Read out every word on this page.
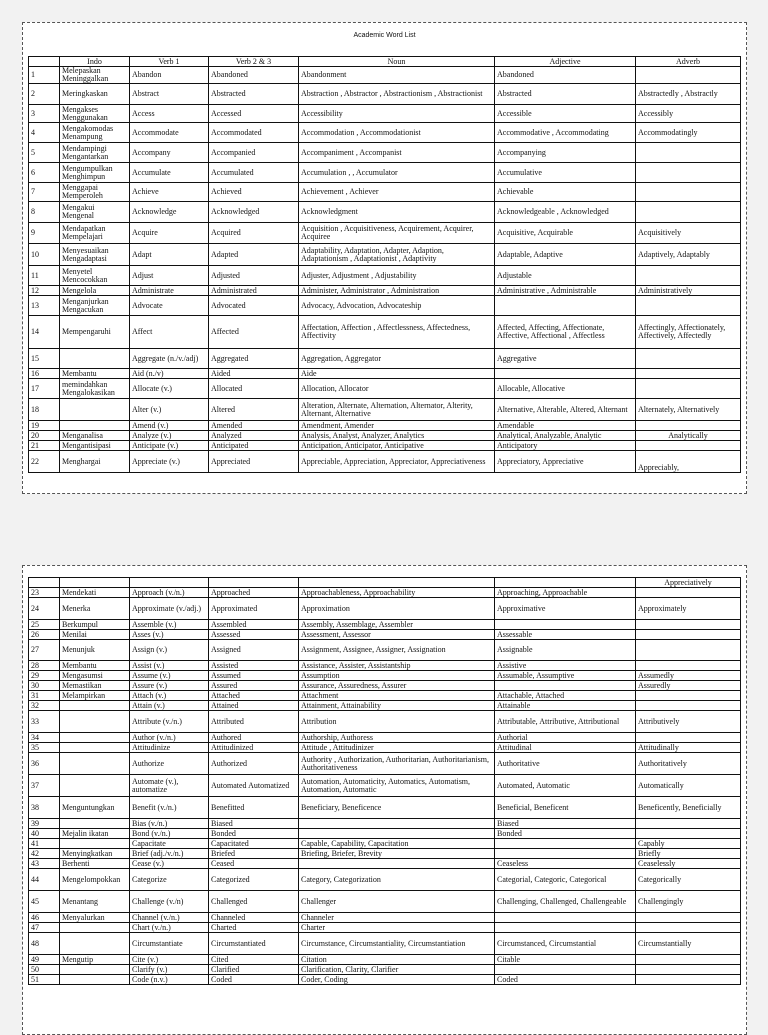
Academic Word List
	Indo	Verb 1	Verb 2 & 3	Noun	Adjective	Adverb
1	Melepaskan Meninggalkan	Abandon	Abandoned	Abandonment	Abandoned	
2	Meringkaskan	Abstract	Abstracted	Abstraction , Abstractor , Abstractionism , Abstractionist	Abstracted	Abstractedly , Abstractly
3	Mengakses Menggunakan	Access	Accessed	Accessibility	Accessible	Accessibly
4	Mengakomodas Menampung	Accommodate	Accommodated	Accommodation , Accommodationist	Accommodative , Accommodating	Accommodatingly
5	Mendampingi Mengantarkan	Accompany	Accompanied	Accompaniment , Accompanist	Accompanying	
6	Mengumpulkan Menghimpun	Accumulate	Accumulated	Accumulation , , Accumulator	Accumulative	
7	Menggapai Memperoleh	Achieve	Achieved	Achievement , Achiever	Achievable	
8	Mengakui Mengenal	Acknowledge	Acknowledged	Acknowledgment	Acknowledgeable , Acknowledged	
9	Mendapatkan Mempelajari	Acquire	Acquired	Acquisition , Acquisitiveness, Acquirement, Acquirer, Acquiree	Acquisitive, Acquirable	Acquisitively
10	Menyesuaikan Mengadaptasi	Adapt	Adapted	Adaptability, Adaptation, Adapter, Adaption, Adaptationism , Adaptationist , Adaptivity	Adaptable, Adaptive	Adaptively, Adaptably
11	Menyetel Mencocokkan	Adjust	Adjusted	Adjuster, Adjustment , Adjustability	Adjustable	
12	Mengelola	Administrate	Administrated	Administer, Administrator , Administration	Administrative , Administrable	Administratively
13	Menganjurkan Mengacukan	Advocate	Advocated	Advocacy, Advocation, Advocateship		
14	Mempengaruhi	Affect	Affected	Affectation, Affection , Affectlessness, Affectedness, Affectivity	Affected, Affecting, Affectionate, Affective, Affectional , Affectless	Affectingly, Affectionately, Affectively, Affectedly
15		Aggregate (n./v./adj)	Aggregated	Aggregation, Aggregator	Aggregative	
16	Membantu	Aid (n./v)	Aided	Aide		
17	memindahkan Mengalokasikan	Allocate (v.)	Allocated	Allocation, Allocator	Allocable, Allocative	
18		Alter (v.)	Altered	Alteration, Alternate, Alternation, Alternator, Alterity, Alternant, Alternative	Alternative, Alterable, Altered, Alternant	Alternately, Alternatively
19		Amend (v.)	Amended	Amendment, Amender	Amendable	
20	Menganalisa	Analyze (v.)	Analyzed	Analysis, Analyst, Analyzer, Analytics	Analytical, Analyzable, Analytic	Analytically
21	Mengantisipasi	Anticipate (v.)	Anticipated	Anticipation, Anticipator, Anticipative	Anticipatory	
22	Menghargai	Appreciate (v.)	Appreciated	Appreciable, Appreciation, Appreciator, Appreciativeness	Appreciatory, Appreciative	Appreciably,
						Appreciatively
23	Mendekati	Approach (v./n.)	Approached	Approachableness, Approachability	Approaching, Approachable	
24	Menerka	Approximate (v./adj.)	Approximated	Approximation	Approximative	Approximately
25	Berkumpul	Assemble (v.)	Assembled	Assembly, Assemblage, Assembler		
26	Menilai	Asses (v.)	Assessed	Assessment, Assessor	Assessable	
27	Menunjuk	Assign (v.)	Assigned	Assignment, Assignee, Assigner, Assignation	Assignable	
28	Membantu	Assist (v.)	Assisted	Assistance, Assister, Assistantship	Assistive	
29	Mengasumsi	Assume (v.)	Assumed	Assumption	Assumable, Assumptive	Assumedly
30	Memastikan	Assure (v.)	Assured	Assurance, Assuredness, Assurer		Assuredly
31	Melampirkan	Attach (v.)	Attached	Attachment	Attachable, Attached	
32		Attain (v.)	Attained	Attainment, Attainability	Attainable	
33		Attribute (v./n.)	Attributed	Attribution	Attributable, Attributive, Attributional	Attributively
34		Author (v./n.)	Authored	Authorship, Authoress	Authorial	
35		Attitudinize	Attitudinized	Attitude , Attitudinizer	Attitudinal	Attitudinally
36		Authorize	Authorized	Authority , Authorization, Authoritarian, Authoritarianism, Authoritativeness	Authoritative	Authoritatively
37		Automate (v.), automatize	Automated Automatized	Automation, Automaticity, Automatics, Automatism, Automation, Automatic	Automated, Automatic	Automatically
38	Menguntungkan	Benefit (v./n.)	Benefitted	Beneficiary, Beneficence	Beneficial, Beneficent	Beneficently, Beneficially
39		Bias (v./n.)	Biased		Biased	
40	Mejalin ikatan	Bond (v./n.)	Bonded		Bonded	
41		Capacitate	Capacitated	Capable, Capability, Capacitation		Capably
42	Menyingkatkan	Brief (adj./v./n.)	Briefed	Briefing, Briefer, Brevity		Briefly
43	Berhenti	Cease (v.)	Ceased		Ceaseless	Ceaselessly
44	Mengelompokkan	Categorize	Categorized	Category, Categorization	Categorial, Categoric, Categorical	Categorically
45	Menantang	Challenge (v./n)	Challenged	Challenger	Challenging, Challenged, Challengeable	Challengingly
46	Menyalurkan	Channel (v./n.)	Channeled	Channeler		
47		Chart (v./n.)	Charted	Charter		
48		Circumstantiate	Circumstantiated	Circumstance, Circumstantiality, Circumstantiation	Circumstanced, Circumstantial	Circumstantially
49	Mengutip	Cite (v.)	Cited	Citation	Citable	
50		Clarify (v.)	Clarified	Clarification, Clarity, Clarifier		
51		Code (n.v.)	Coded	Coder, Coding	Coded	
